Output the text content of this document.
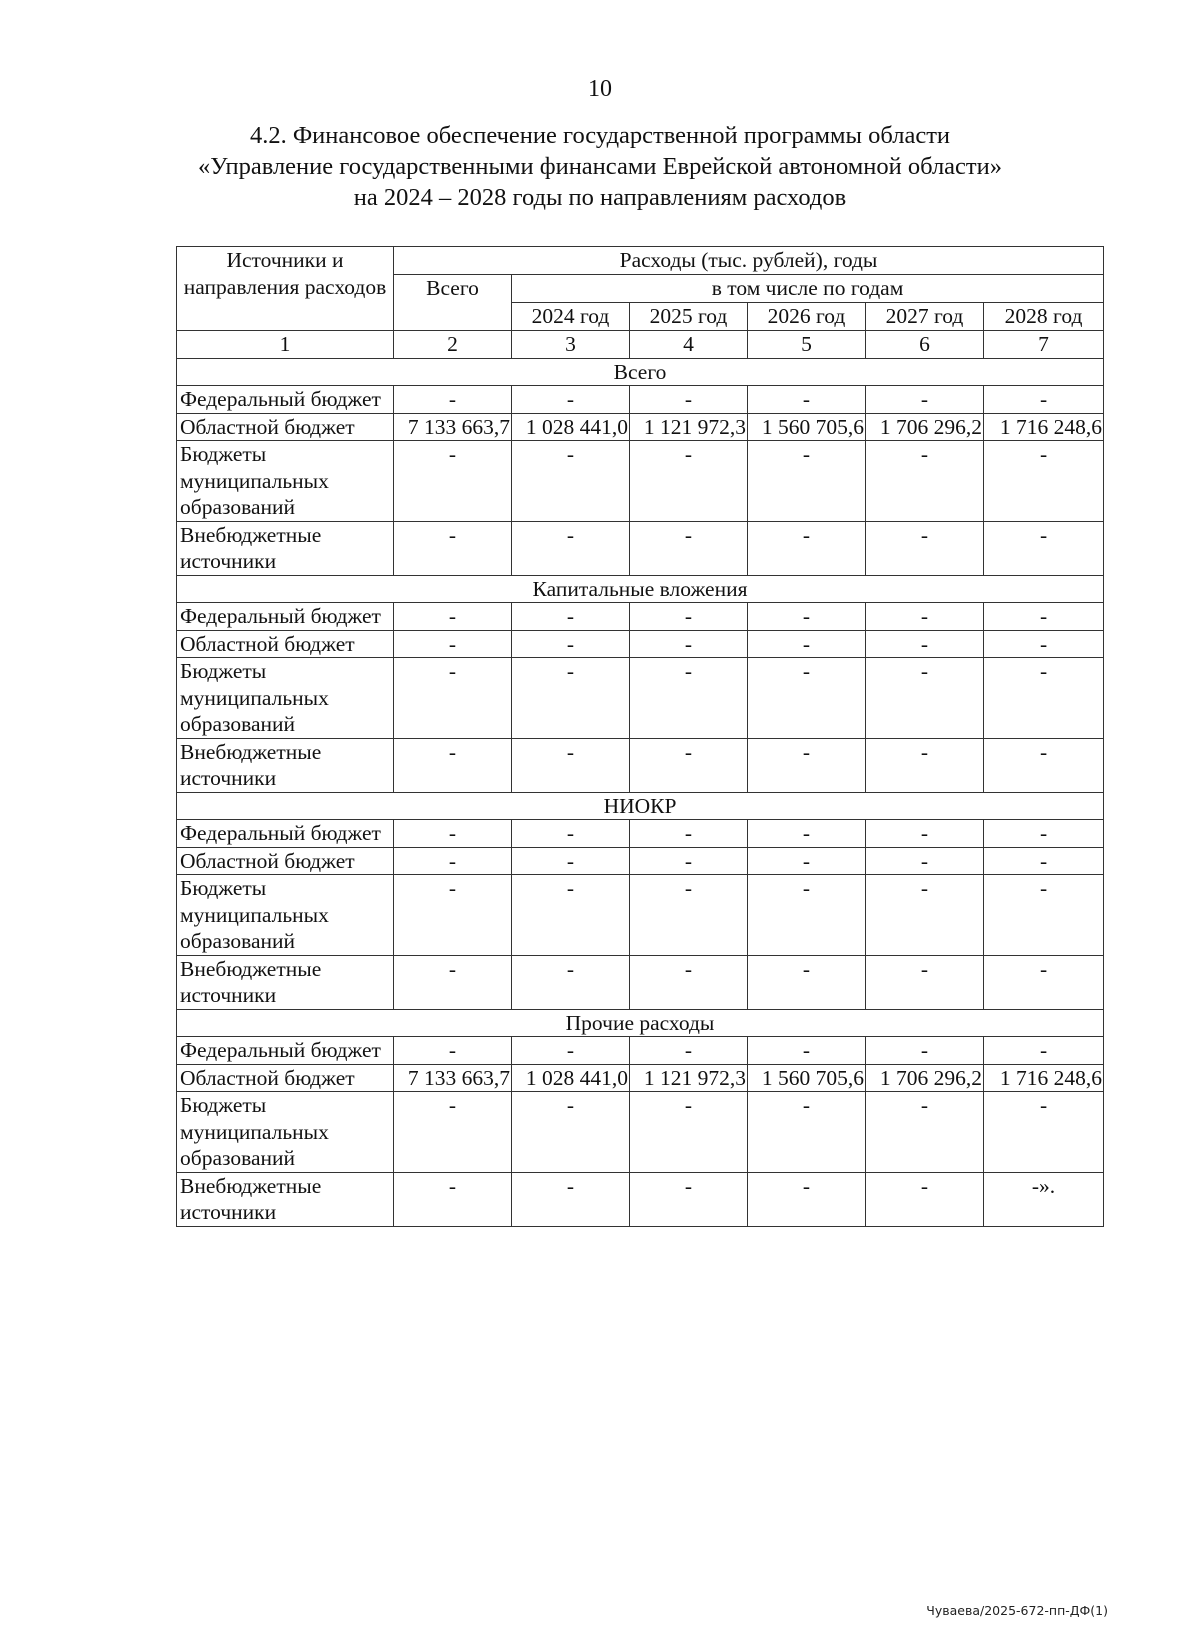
10
4.2. Финансовое обеспечение государственной программы области
«Управление государственными финансами Еврейской автономной области»
на 2024 – 2028 годы по направлениям расходов
Источники и направления расходов	Расходы (тыс. рублей), годы					
	Всего	в том числе по годам				
		2024 год	2025 год	2026 год	2027 год	2028 год
1	2	3	4	5	6	7
Всего						
Федеральный бюджет	-	-	-	-	-	-
Областной бюджет	7 133 663,7	1 028 441,0	1 121 972,3	1 560 705,6	1 706 296,2	1 716 248,6
Бюджеты муниципальных образований	-	-	-	-	-	-
Внебюджетные источники	-	-	-	-	-	-
Капитальные вложения						
Федеральный бюджет	-	-	-	-	-	-
Областной бюджет	-	-	-	-	-	-
Бюджеты муниципальных образований	-	-	-	-	-	-
Внебюджетные источники	-	-	-	-	-	-
НИОКР						
Федеральный бюджет	-	-	-	-	-	-
Областной бюджет	-	-	-	-	-	-
Бюджеты муниципальных образований	-	-	-	-	-	-
Внебюджетные источники	-	-	-	-	-	-
Прочие расходы						
Федеральный бюджет	-	-	-	-	-	-
Областной бюджет	7 133 663,7	1 028 441,0	1 121 972,3	1 560 705,6	1 706 296,2	1 716 248,6
Бюджеты муниципальных образований	-	-	-	-	-	-
Внебюджетные источники	-	-	-	-	-	-».
Чуваева/2025-672-пп-ДФ(1)
